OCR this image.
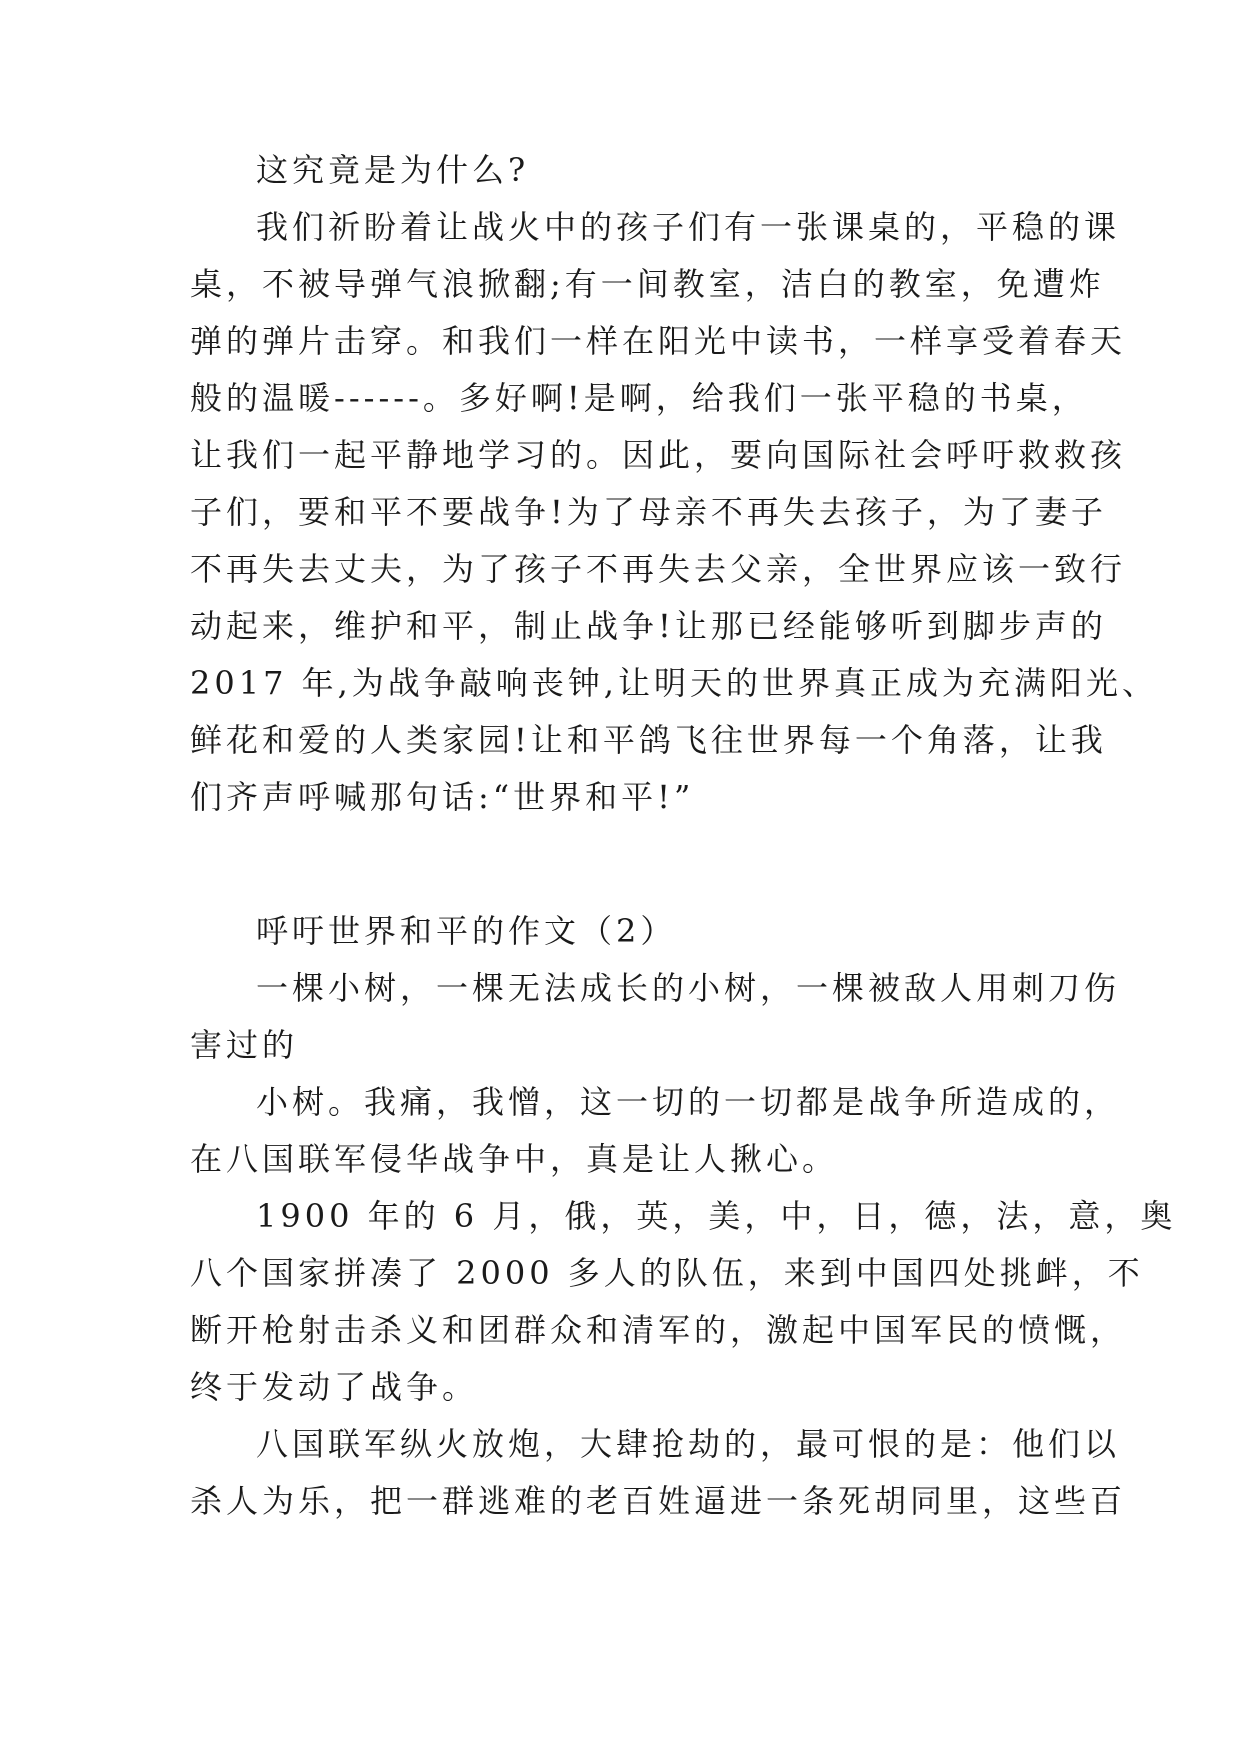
这究竟是为什么?
我们祈盼着让战火中的孩子们有一张课桌的，平稳的课
桌，不被导弹气浪掀翻;有一间教室，洁白的教室，免遭炸
弹的弹片击穿。和我们一样在阳光中读书，一样享受着春天
般的温暖------。多好啊!是啊，给我们一张平稳的书桌，
让我们一起平静地学习的。因此，要向国际社会呼吁救救孩
子们，要和平不要战争!为了母亲不再失去孩子，为了妻子
不再失去丈夫，为了孩子不再失去父亲，全世界应该一致行
动起来，维护和平，制止战争!让那已经能够听到脚步声的
2017 年,为战争敲响丧钟,让明天的世界真正成为充满阳光、
鲜花和爱的人类家园!让和平鸽飞往世界每一个角落，让我
们齐声呼喊那句话:“世界和平!”
呼吁世界和平的作文（2）
一棵小树，一棵无法成长的小树，一棵被敌人用刺刀伤
害过的
小树。我痛，我憎，这一切的一切都是战争所造成的，
在八国联军侵华战争中，真是让人揪心。
1900 年的 6 月，俄，英，美，中，日，德，法，意，奥
八个国家拼凑了 2000 多人的队伍，来到中国四处挑衅，不
断开枪射击杀义和团群众和清军的，激起中国军民的愤慨，
终于发动了战争。
八国联军纵火放炮，大肆抢劫的，最可恨的是：他们以
杀人为乐，把一群逃难的老百姓逼进一条死胡同里，这些百
